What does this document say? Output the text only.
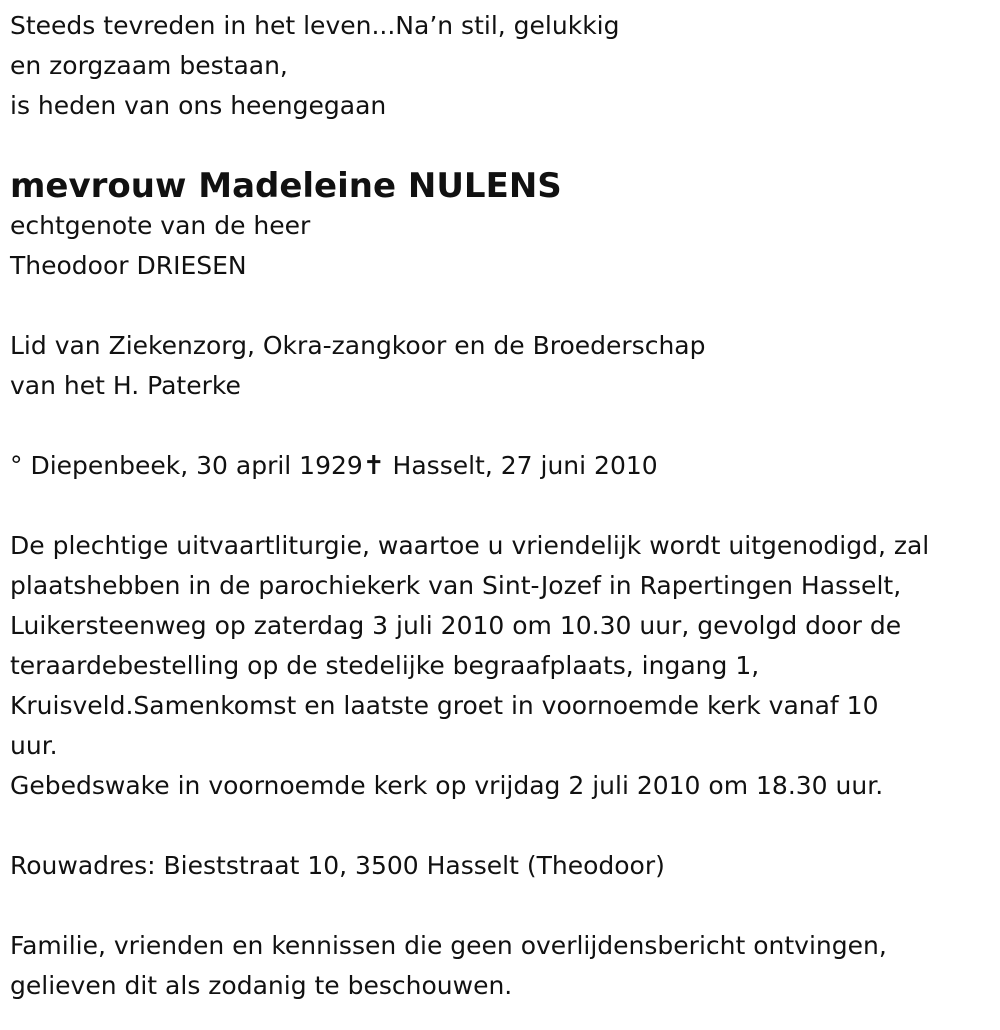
Steeds tevreden in het leven...Na’n stil, gelukkig
en zorgzaam bestaan,
is heden van ons heengegaan
mevrouw Madeleine NULENS
echtgenote van de heer
Theodoor DRIESEN
Lid van Ziekenzorg, Okra-zangkoor en de Broederschap
van het H. Paterke
° Diepenbeek, 30 april 1929✝ Hasselt, 27 juni 2010
De plechtige uitvaartliturgie, waartoe u vriendelijk wordt uitgenodigd, zal
plaatshebben in de parochiekerk van Sint-Jozef in Rapertingen Hasselt,
Luikersteenweg op zaterdag 3 juli 2010 om 10.30 uur, gevolgd door de
teraardebestelling op de stedelijke begraafplaats, ingang 1,
Kruisveld.Samenkomst en laatste groet in voornoemde kerk vanaf 10
uur.
Gebedswake in voornoemde kerk op vrijdag 2 juli 2010 om 18.30 uur.
Rouwadres: Bieststraat 10, 3500 Hasselt (Theodoor)
Familie, vrienden en kennissen die geen overlijdensbericht ontvingen,
gelieven dit als zodanig te beschouwen.
